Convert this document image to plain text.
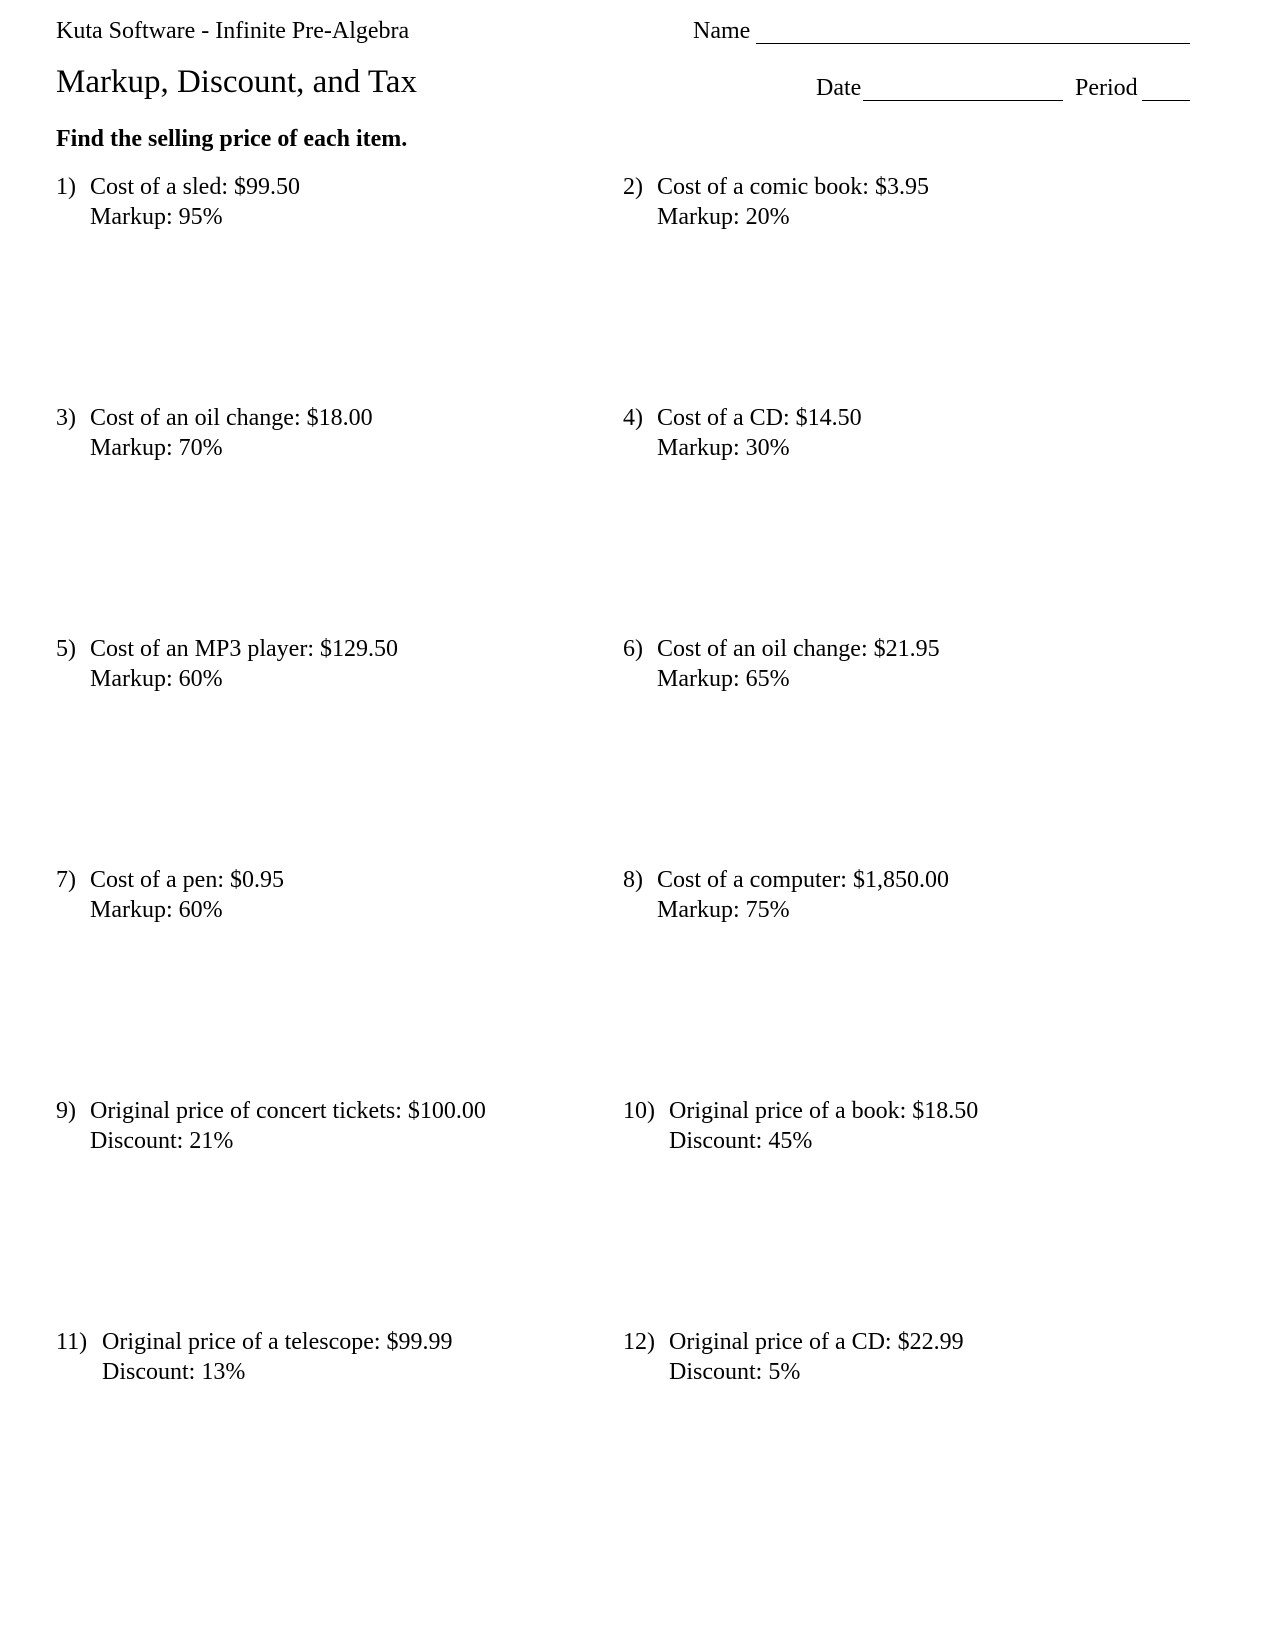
Kuta Software - Infinite Pre-Algebra	Name
Markup, Discount, and Tax	Date	Period
Find the selling price of each item.
1) Cost of a sled: $99.50
Markup: 95%
2) Cost of a comic book: $3.95
Markup: 20%
3) Cost of an oil change: $18.00
Markup: 70%
4) Cost of a CD: $14.50
Markup: 30%
5) Cost of an MP3 player: $129.50
Markup: 60%
6) Cost of an oil change: $21.95
Markup: 65%
7) Cost of a pen: $0.95
Markup: 60%
8) Cost of a computer: $1,850.00
Markup: 75%
9) Original price of concert tickets: $100.00
Discount: 21%
10) Original price of a book: $18.50
Discount: 45%
11) Original price of a telescope: $99.99
Discount: 13%
12) Original price of a CD: $22.99
Discount: 5%
